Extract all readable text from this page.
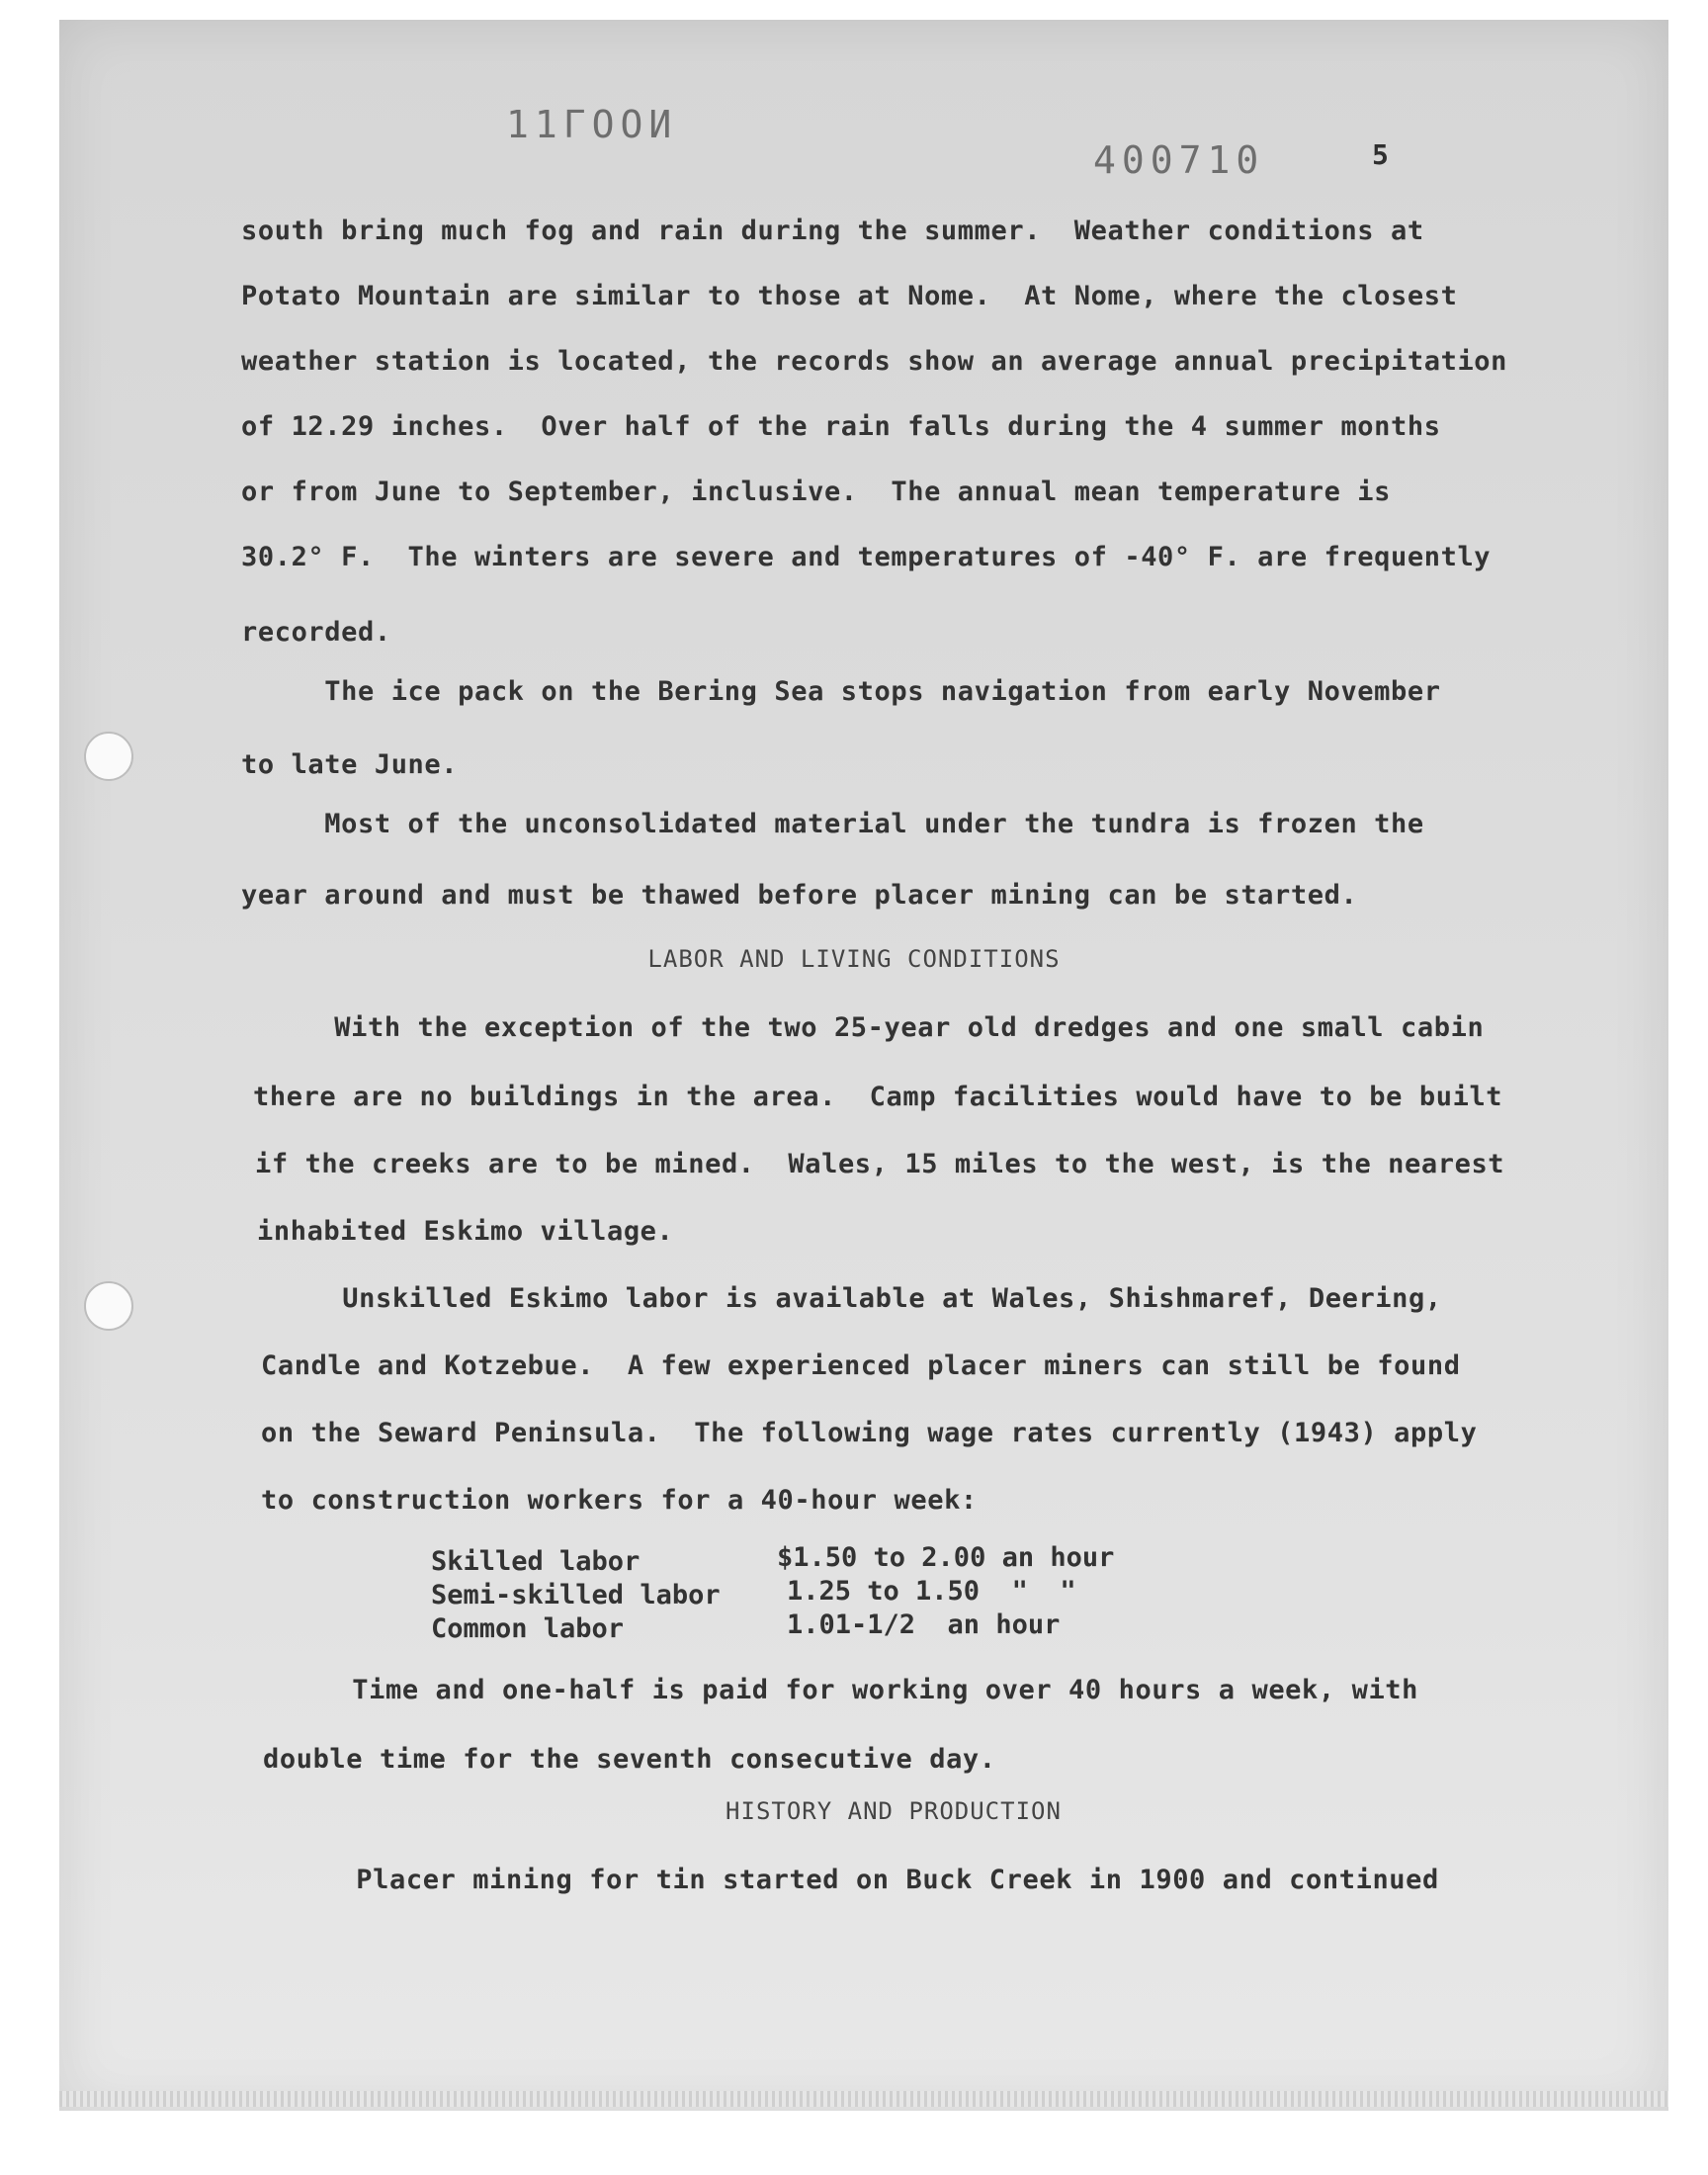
11ГООИ
400710	5
south bring much fog and rain during the summer.  Weather conditions at
Potato Mountain are similar to those at Nome.  At Nome, where the closest
weather station is located, the records show an average annual precipitation
of 12.29 inches.  Over half of the rain falls during the 4 summer months
or from June to September, inclusive.  The annual mean temperature is
30.2° F.  The winters are severe and temperatures of -40° F. are frequently
recorded.
The ice pack on the Bering Sea stops navigation from early November
to late June.
Most of the unconsolidated material under the tundra is frozen the
year around and must be thawed before placer mining can be started.
LABOR AND LIVING CONDITIONS
With the exception of the two 25-year old dredges and one small cabin
there are no buildings in the area.  Camp facilities would have to be built
if the creeks are to be mined.  Wales, 15 miles to the west, is the nearest
inhabited Eskimo village.
Unskilled Eskimo labor is available at Wales, Shishmaref, Deering,
Candle and Kotzebue.  A few experienced placer miners can still be found
on the Seward Peninsula.  The following wage rates currently (1943) apply
to construction workers for a 40-hour week:
Skilled labor	$1.50 to 2.00 an hour
Semi-skilled labor 1.25 to 1.50  "  "
Common labor	1.01-1/2  an hour
Time and one-half is paid for working over 40 hours a week, with
double time for the seventh consecutive day.
HISTORY AND PRODUCTION
Placer mining for tin started on Buck Creek in 1900 and continued
